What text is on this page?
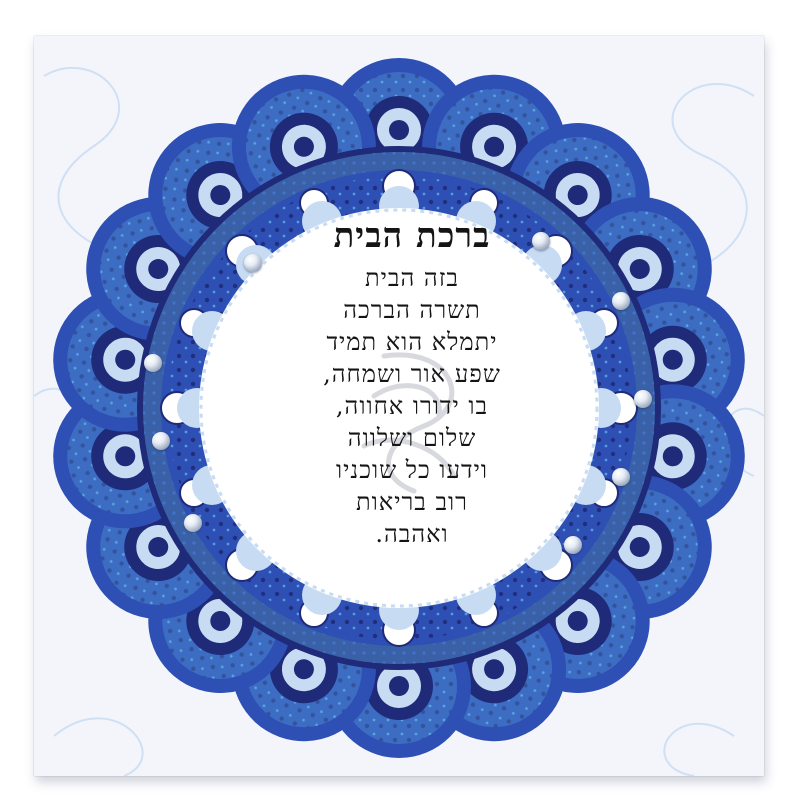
ברכת הבית

בזה הבית

תשרה הברכה

יתמלא הוא תמיד

שפע אור ושמחה,

בו ידורו אחווה,

שלום ושלווה

וידעו כל שוכניו

רוב בריאות

ואהבה.
